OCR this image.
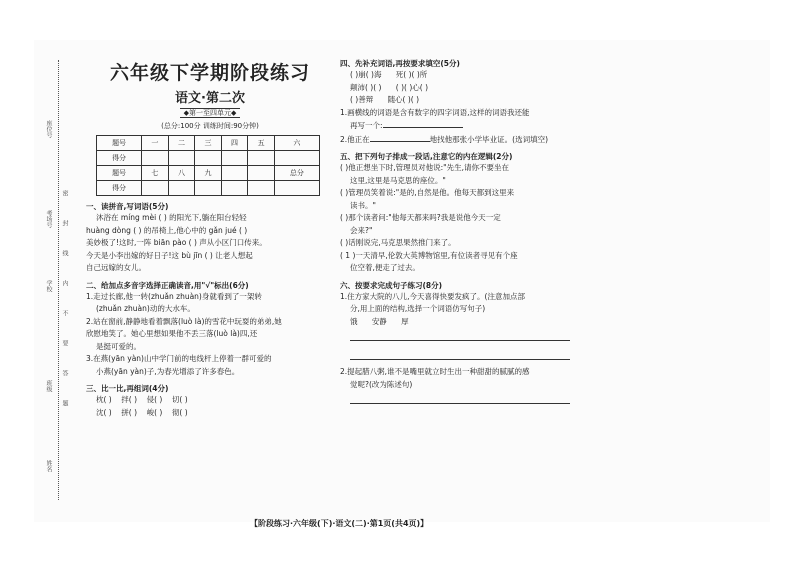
座位号
考场号
学校
班级
姓名
密
封
线
内
不
要
答
题
六年级下学期阶段练习
语文·第二次
◆第一至四单元◆
(总分:100分 训练时间:90分钟)
题号	一	二	三	四	五	六
得分						
题号	七	八	九			总分
得分						
一、读拼音,写词语(5分)
沐浴在 míng mèi ( ) 的阳光下,躺在阳台轻轻
huàng dòng ( ) 的吊椅上,他心中的 gǎn jué ( )
美妙极了!这时,一阵 biān pào ( ) 声从小区门口传来。
今天是小李出嫁的好日子!这 bù jīn ( ) 让老人想起
自己远嫁的女儿。
二、给加点多音字选择正确读音,用"√"标出(6分)
1.走过长廊,他一转(zhuǎn zhuàn)身就看到了一架转
(zhuǎn zhuàn)动的大水车。
2.站在窗前,静静地看着飘落(luò là)的雪花中玩耍的弟弟,她
欣慰地笑了。她心里想如果他不丢三落(luò là)四,还
是挺可爱的。
3.在燕(yān yàn)山中学门前的电线杆上停着一群可爱的
小燕(yān yàn)子,为春光增添了许多春色。
三、比一比,再组词(4分)
枕( ) 拌( ) 侵( ) 切( )
沈( ) 拼( ) 峻( ) 彻( )
四、先补充词语,再按要求填空(5分)
( )崩( )海 死( )( )所
颠沛( )( ) ( )( )心( )
( )善辩 随心( )( )
1.画横线的词语是含有数字的四字词语,这样的词语我还能
再写一个:
2.他正在	地找他那张小学毕业证。(选词填空)
五、把下列句子排成一段话,注意它的内在逻辑(2分)
( )他正想坐下时,管理员对他说:"先生,请你不要坐在
这里,这里是马克思的座位。"
( )管理员笑着说:"是的,自然是他。他每天都到这里来
读书。"
( )那个读者问:"他每天都来吗?我是说他今天一定
会来?"
( )话刚说完,马克思果然推门来了。
( 1 )一天清早,伦敦大英博物馆里,有位读者寻见有个座
位空着,便走了过去。
六、按要求完成句子练习(8分)
1.住方家大院的八儿,今天喜得快要发疯了。(注意加点部
分,用上面的结构,选择一个词语仿写句子)
饿 安静 厚

2.提起腊八粥,谁不是嘴里就立时生出一种甜甜的腻腻的感
觉呢?(改为陈述句)
【阶段练习·六年级(下)·语文(二)·第1页(共4页)】
